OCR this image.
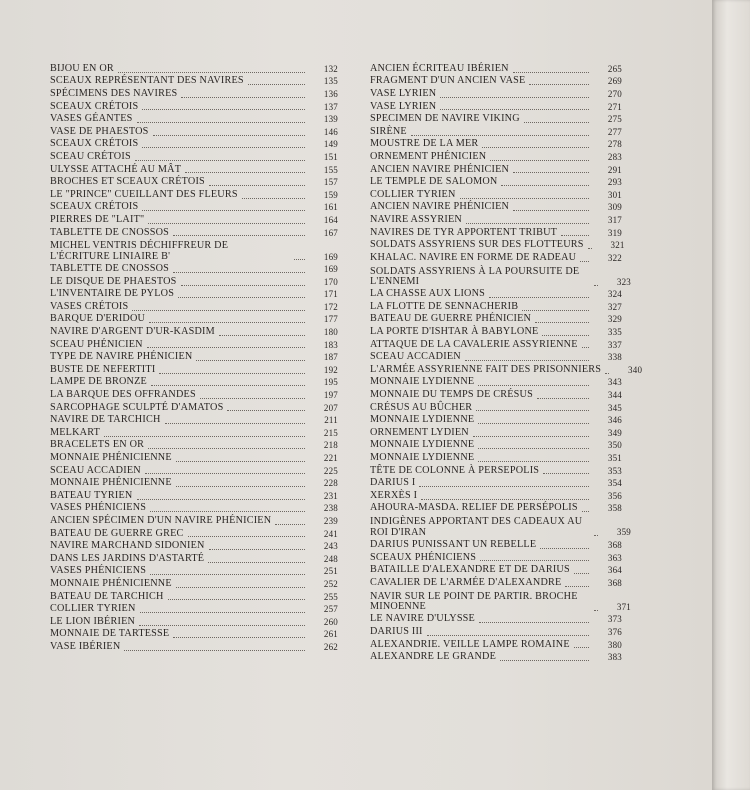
BIJOU EN OR	132
SCEAUX REPRÉSENTANT DES NAVIRES	135
SPÉCIMENS DES NAVIRES	136
SCEAUX CRÉTOIS	137
VASES GÉANTES	139
VASE DE PHAESTOS	146
SCEAUX CRÉTOIS	149
SCEAU CRÉTOIS	151
ULYSSE ATTACHÉ AU MÂT	155
BROCHES ET SCEAUX CRÉTOIS	157
LE "PRINCE" CUEILLANT DES FLEURS	159
SCEAUX CRÉTOIS	161
PIERRES DE "LAIT"	164
TABLETTE DE CNOSSOS	167
MICHEL VENTRIS DÉCHIFFREUR DE L'ÉCRITURE LINIAIRE B'	169
TABLETTE DE CNOSSOS	169
LE DISQUE DE PHAESTOS	170
L'INVENTAIRE DE PYLOS	171
VASES CRÉTOIS	172
BARQUE D'ERIDOU	177
NAVIRE D'ARGENT D'UR-KASDIM	180
SCEAU PHÉNICIEN	183
TYPE DE NAVIRE PHÉNICIEN	187
BUSTE DE NEFERTITI	192
LAMPE DE BRONZE	195
LA BARQUE DES OFFRANDES	197
SARCOPHAGE SCULPTÉ D'AMATOS	207
NAVIRE DE TARCHICH	211
MELKART	215
BRACELETS EN OR	218
MONNAIE PHÉNICIENNE	221
SCEAU ACCADIEN	225
MONNAIE PHÉNICIENNE	228
BATEAU TYRIEN	231
VASES PHÉNICIENS	238
ANCIEN SPÉCIMEN D'UN NAVIRE PHÉNICIEN	239
BATEAU DE GUERRE GREC	241
NAVIRE MARCHAND SIDONIEN	243
DANS LES JARDINS D'ASTARTÉ	248
VASES PHÉNICIENS	251
MONNAIE PHÉNICIENNE	252
BATEAU DE TARCHICH	255
COLLIER TYRIEN	257
LE LION IBÉRIEN	260
MONNAIE DE TARTESSE	261
VASE IBÉRIEN	262
ANCIEN ÉCRITEAU IBÉRIEN	265
FRAGMENT D'UN ANCIEN VASE	269
VASE LYRIEN	270
VASE LYRIEN	271
SPECIMEN DE NAVIRE VIKING	275
SIRÈNE	277
MOUSTRE DE LA MER	278
ORNEMENT PHÉNICIEN	283
ANCIEN NAVIRE PHÉNICIEN	291
LE TEMPLE DE SALOMON	293
COLLIER TYRIEN	301
ANCIEN NAVIRE PHÉNICIEN	309
NAVIRE ASSYRIEN	317
NAVIRES DE TYR APPORTENT TRIBUT	319
SOLDATS ASSYRIENS SUR DES FLOTTEURS	321
KHALAC. NAVIRE EN FORME DE RADEAU	322
SOLDATS ASSYRIENS À LA POURSUITE DE L'ENNEMI	323
LA CHASSE AUX LIONS	324
LA FLOTTE DE SENNACHERIB	327
BATEAU DE GUERRE PHÉNICIEN	329
LA PORTE D'ISHTAR À BABYLONE	335
ATTAQUE DE LA CAVALERIE ASSYRIENNE	337
SCEAU ACCADIEN	338
L'ARMÉE ASSYRIENNE FAIT DES PRISONNIERS	340
MONNAIE LYDIENNE	343
MONNAIE DU TEMPS DE CRÉSUS	344
CRÉSUS AU BÛCHER	345
MONNAIE LYDIENNE	346
ORNEMENT LYDIEN	349
MONNAIE LYDIENNE	350
MONNAIE LYDIENNE	351
TÊTE DE COLONNE À PERSEPOLIS	353
DARIUS I	354
XERXÈS I	356
AHOURA-MASDA. RELIEF DE PERSÉPOLIS	358
INDIGÈNES APPORTANT DES CADEAUX AU ROI D'IRAN	359
DARIUS PUNISSANT UN REBELLE	368
SCEAUX PHÉNICIENS	363
BATAILLE D'ALEXANDRE ET DE DARIUS	364
CAVALIER DE L'ARMÉE D'ALEXANDRE	368
NAVIR SUR LE POINT DE PARTIR. BROCHE MINOENNE	371
LE NAVIRE D'ULYSSE	373
DARIUS III	376
ALEXANDRIE. VEILLE LAMPE ROMAINE	380
ALEXANDRE LE GRANDE	383
